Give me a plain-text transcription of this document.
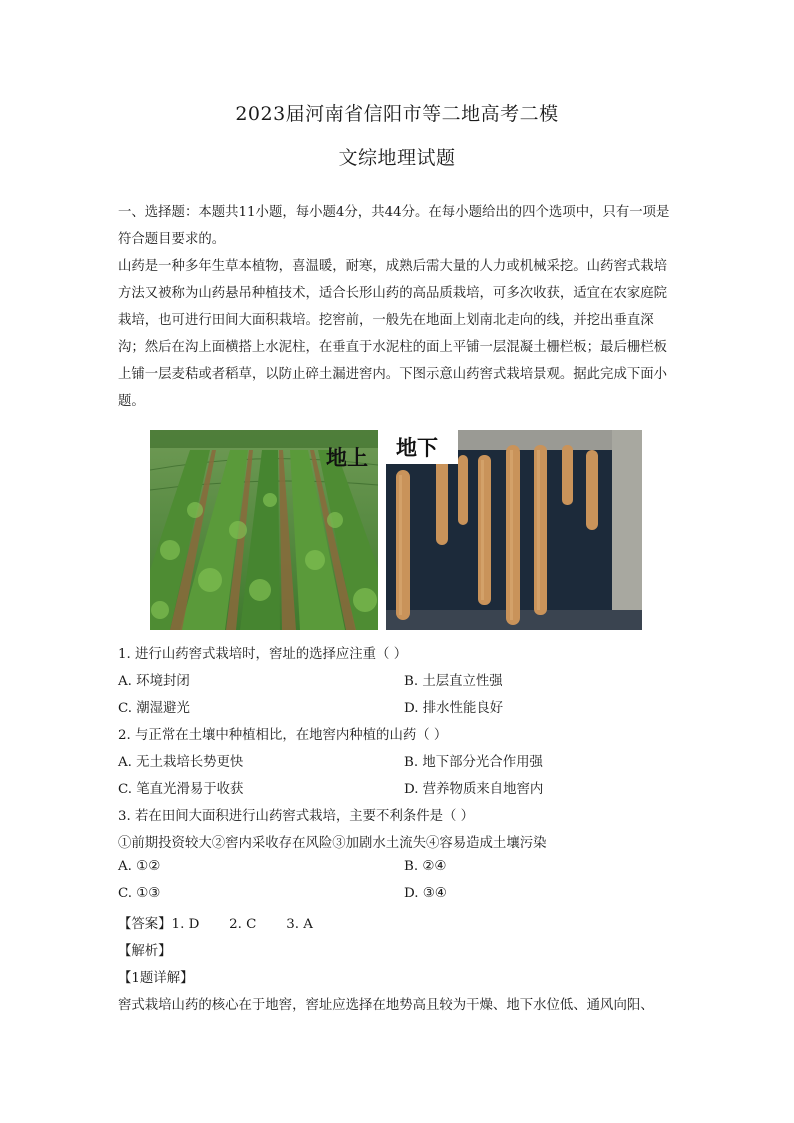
2023届河南省信阳市等二地高考二模
文综地理试题
一、选择题：本题共11小题，每小题4分，共44分。在每小题给出的四个选项中，只有一项是符合题目要求的。
山药是一种多年生草本植物，喜温暖，耐寒，成熟后需大量的人力或机械采挖。山药窖式栽培方法又被称为山药悬吊种植技术，适合长形山药的高品质栽培，可多次收获，适宜在农家庭院栽培，也可进行田间大面积栽培。挖窖前，一般先在地面上划南北走向的线，并挖出垂直深沟；然后在沟上面横搭上水泥柱，在垂直于水泥柱的面上平铺一层混凝土栅栏板；最后栅栏板上铺一层麦秸或者稻草，以防止碎土漏进窖内。下图示意山药窖式栽培景观。据此完成下面小题。
地上 地下
1. 进行山药窖式栽培时，窖址的选择应注重（ ）
A. 环境封闭	B. 土层直立性强
C. 潮湿避光	D. 排水性能良好
2. 与正常在土壤中种植相比，在地窖内种植的山药（ ）
A. 无土栽培长势更快	B. 地下部分光合作用强
C. 笔直光滑易于收获	D. 营养物质来自地窖内
3. 若在田间大面积进行山药窖式栽培，主要不利条件是（ ）
①前期投资较大②窖内采收存在风险③加剧水土流失④容易造成土壤污染
A. ①②	B. ②④
C. ①③	D. ③④
【答案】1. D       2. C       3. A
【解析】
【1题详解】
窖式栽培山药的核心在于地窖，窖址应选择在地势高且较为干燥、地下水位低、通风向阳、
